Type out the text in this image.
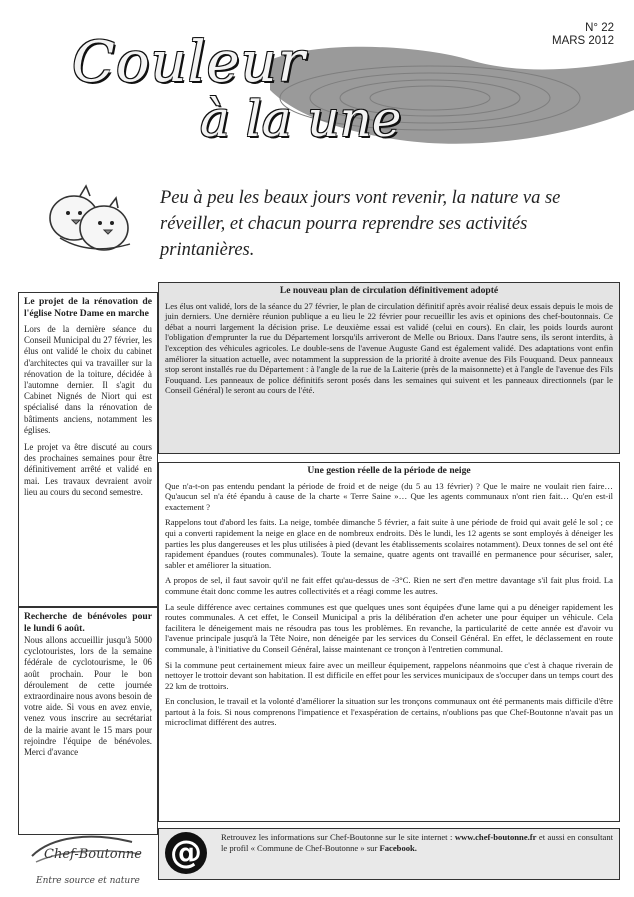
N° 22
MARS 2012
Couleur
à la une
Peu à peu les beaux jours vont revenir, la nature va se réveiller, et chacun pourra reprendre ses activités printanières.
Le projet de la rénovation de l'église Notre Dame en marche

Lors de la dernière séance du Conseil Municipal du 27 février, les élus ont validé le choix du cabinet d'architectes qui va travailler sur la rénovation de la toiture, décidée à l'automne dernier. Il s'agit du Cabinet Nignés de Niort qui est spécialisé dans la rénovation de bâtiments anciens, notamment les églises.

Le projet va être discuté au cours des prochaines semaines pour être définitivement arrêté et validé en mai. Les travaux devraient avoir lieu au cours du second semestre.

Recherche de bénévoles pour le lundi 6 août.

Nous allons accueillir jusqu'à 5000 cyclotouristes, lors de la semaine fédérale de cyclotourisme, le 06 août prochain. Pour le bon déroulement de cette journée extraordinaire nous avons besoin de votre aide. Si vous en avez envie, venez vous inscrire au secrétariat de la mairie avant le 15 mars pour rejoindre l'équipe de bénévoles. Merci d'avance

Chef-Boutonne
Entre source et nature
Le nouveau plan de circulation définitivement adopté

Les élus ont validé, lors de la séance du 27 février, le plan de circulation définitif après avoir réalisé deux essais depuis le mois de juin derniers. Une dernière réunion publique a eu lieu le 22 février pour recueillir les avis et opinions des chef-boutonnais. Ce débat a nourri largement la décision prise. Le deuxième essai est validé (celui en cours). En clair, les poids lourds auront l'obligation d'emprunter la rue du Département lorsqu'ils arriveront de Melle ou Brioux. Dans l'autre sens, ils seront interdits, à l'exception des véhicules agricoles. Le double-sens de l'avenue Auguste Gand est également validé. Des adaptations vont enfin améliorer la situation actuelle, avec notamment la suppression de la priorité à droite avenue des Fils Fouquand. Deux panneaux stop seront installés rue du Département : à l'angle de la rue de la Laiterie (près de la maisonnette) et à l'angle de l'avenue des Fils Fouquand. Les panneaux de police définitifs seront posés dans les semaines qui suivent et les panneaux directionnels (par le Conseil Général) le seront au cours de l'été.

Une gestion réelle de la période de neige

Que n'a-t-on pas entendu pendant la période de froid et de neige (du 5 au 13 février) ? Que le maire ne voulait rien faire… Qu'aucun sel n'a été épandu à cause de la charte « Terre Saine »… Que les agents communaux n'ont rien fait… Qu'en est-il exactement ?

Rappelons tout d'abord les faits. La neige, tombée dimanche 5 février, a fait suite à une période de froid qui avait gelé le sol ; ce qui a converti rapidement la neige en glace en de nombreux endroits. Dès le lundi, les 12 agents se sont employés à déneiger les parties les plus dangereuses et les plus utilisées à pied (devant les établissements scolaires notamment). Deux tonnes de sel ont été rapidement épandues (routes communales). Toute la semaine, quatre agents ont travaillé en permanence pour sécuriser, saler, sabler et améliorer la situation.

A propos de sel, il faut savoir qu'il ne fait effet qu'au-dessus de -3°C. Rien ne sert d'en mettre davantage s'il fait plus froid. La commune était donc comme les autres collectivités et a réagi comme les autres.

La seule différence avec certaines communes est que quelques unes sont équipées d'une lame qui a pu déneiger rapidement les routes communales. A cet effet, le Conseil Municipal a pris la délibération d'en acheter une pour équiper un véhicule. Cela facilitera le déneigement mais ne résoudra pas tous les problèmes. En revanche, la particularité de cette année est d'avoir vu l'avenue principale jusqu'à la Tête Noire, non déneigée par les services du Conseil Général. En effet, le déclassement en route communale, à l'initiative du Conseil Général, laisse maintenant ce tronçon à l'entretien communal.

Si la commune peut certainement mieux faire avec un meilleur équipement, rappelons néanmoins que c'est à chaque riverain de nettoyer le trottoir devant son habitation. Il est difficile en effet pour les services municipaux de s'occuper dans un temps court des 22 km de trottoirs.

En conclusion, le travail et la volonté d'améliorer la situation sur les tronçons communaux ont été permanents mais difficile d'être partout à la fois. Si nous comprenons l'impatience et l'exaspération de certains, n'oublions pas que Chef-Boutonne n'avait pas un microclimat différent des autres.

Retrouvez les informations sur Chef-Boutonne sur le site internet : www.chef-boutonne.fr et aussi en consultant le profil « Commune de Chef-Boutonne » sur Facebook.
@
